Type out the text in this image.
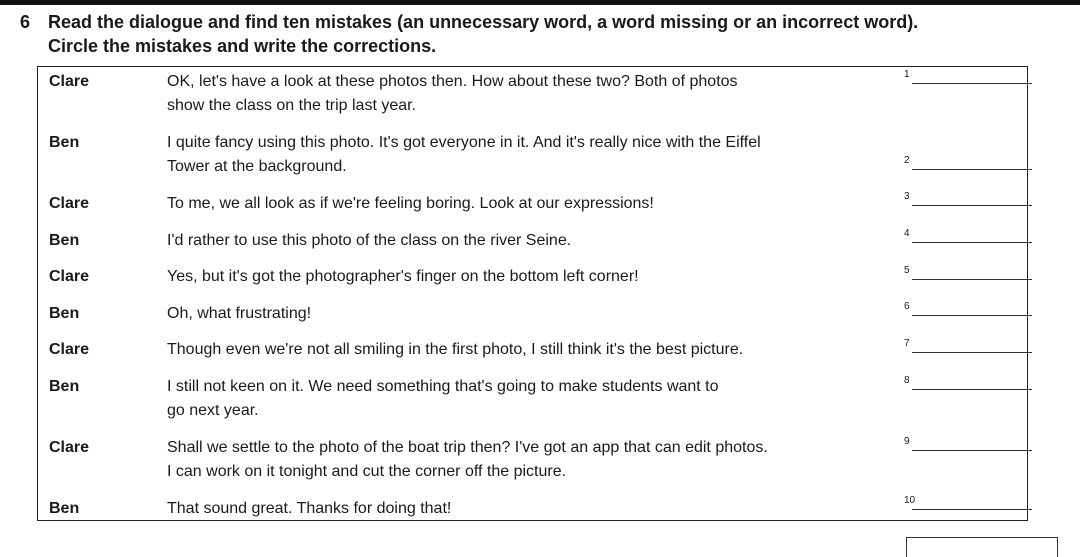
6 Read the dialogue and find ten mistakes (an unnecessary word, a word missing or an incorrect word).
Circle the mistakes and write the corrections.
Clare	OK, let's have a look at these photos then. How about these two? Both of photos
show the class on the trip last year.
Ben	I quite fancy using this photo. It's got everyone in it. And it's really nice with the Eiffel
Tower at the background.
Clare	To me, we all look as if we're feeling boring. Look at our expressions!
Ben	I'd rather to use this photo of the class on the river Seine.
Clare	Yes, but it's got the photographer's finger on the bottom left corner!
Ben	Oh, what frustrating!
Clare	Though even we're not all smiling in the first photo, I still think it's the best picture.
Ben	I still not keen on it. We need something that's going to make students want to
go next year.
Clare	Shall we settle to the photo of the boat trip then? I've got an app that can edit photos.
I can work on it tonight and cut the corner off the picture.
Ben	That sound great. Thanks for doing that!
1
2
3
4
5
6
7
8
9
10
